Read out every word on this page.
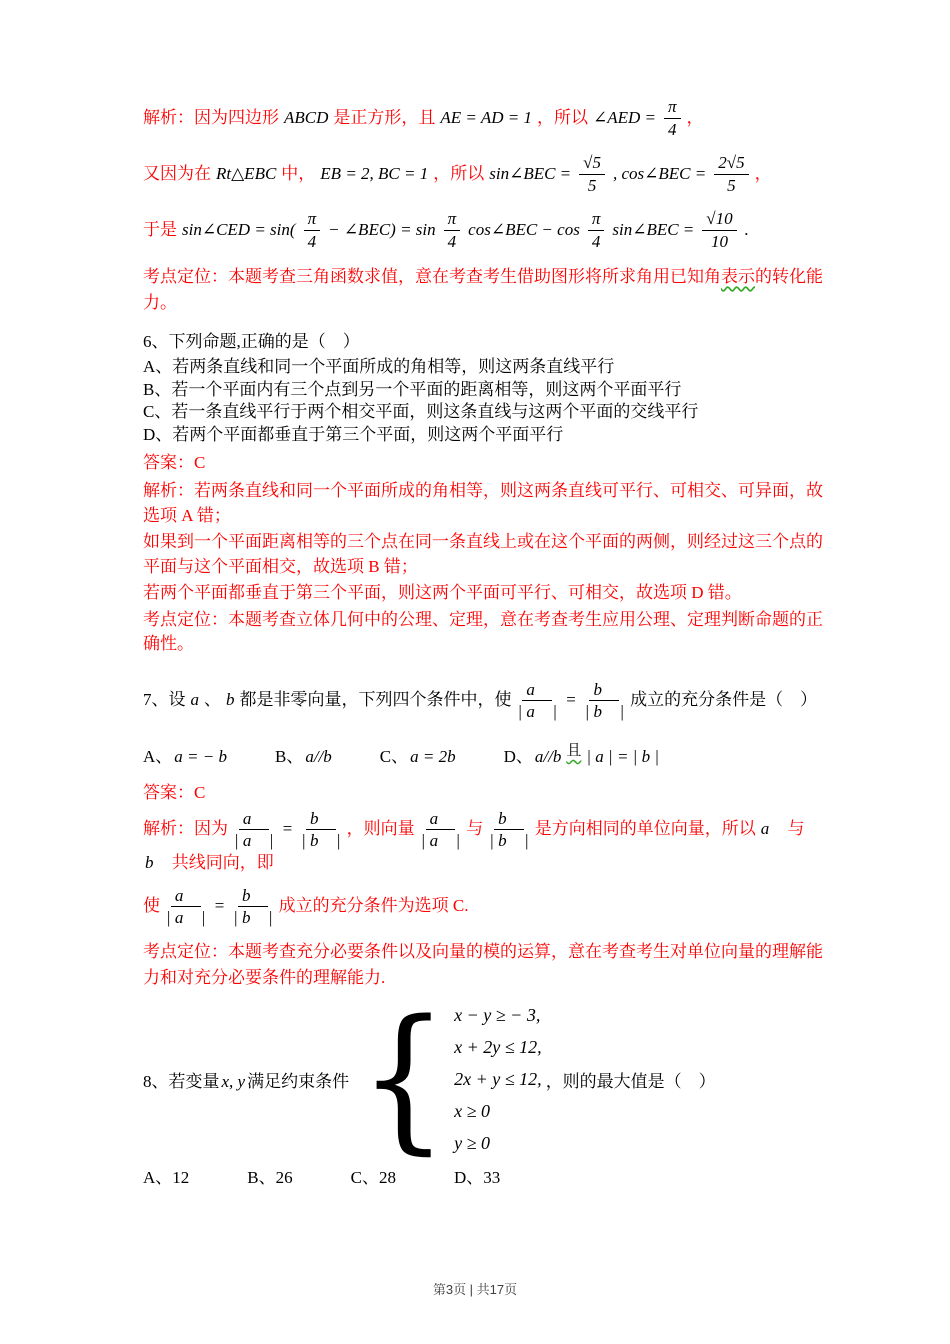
解析：因为四边形 ABCD 是正方形，且 AE = AD = 1 ，所以 ∠AED = $\frac{\pi}{4}$ ，

又因为在 Rt△EBC 中， EB = 2, BC = 1 ，所以 sin∠BEC = $\frac{√5}{5}$ , cos∠BEC = $\frac{2√5}{5}$ ，

于是 sin∠CED = $\sin( \frac{\pi}{4}$ − ∠BEC) = $\sin \frac{\pi}{4}$ cos∠BEC − $\cos \frac{\pi}{4}$ sin∠BEC = $\frac{√10}{10}$ .

考点定位：本题考查三角函数求值，意在考查考生借助图形将所求角用已知角表示的转化能力。

6、下列命题,正确的是（　）

A、若两条直线和同一个平面所成的角相等，则这两条直线平行

B、若一个平面内有三个点到另一个平面的距离相等，则这两个平面平行

C、若一条直线平行于两个相交平面，则这条直线与这两个平面的交线平行

D、若两个平面都垂直于第三个平面，则这两个平面平行

答案：C

解析：若两条直线和同一个平面所成的角相等，则这两条直线可平行、可相交、可异面，故选项 A 错；

如果到一个平面距离相等的三个点在同一条直线上或在这个平面的两侧，则经过这三个点的平面与这个平面相交，故选项 B 错；

若两个平面都垂直于第三个平面，则这两个平面可平行、可相交，故选项 D 错。

考点定位：本题考查立体几何中的公理、定理，意在考查考生应用公理、定理判断命题的正确性。

7、设 a 、 b 都是非零向量，下列四个条件中，使 $\frac{a⃗}{| a⃗ |} = \frac{b⃗}{| b⃗ |}$ 成立的充分条件是（　）

A、 a = − b	B、 a//b	C、 a = 2b	D、 a//b 且 | a | = | b |

答案：C

解析：因为 $\frac{a⃗}{| a⃗ |} = \frac{b⃗}{| b⃗ |}$ ，则向量 $\frac{a⃗}{| a⃗ |}$ 与 $\frac{b⃗}{| b⃗ |}$ 是方向相同的单位向量，所以 a⃗ 与
b⃗ 共线同向，即

使 $\frac{a⃗}{| a⃗ |} = \frac{b⃗}{| b⃗ |}$ 成立的充分条件为选项 C.

考点定位：本题考查充分必要条件以及向量的模的运算，意在考查考生对单位向量的理解能力和对充分必要条件的理解能力.

8、若变量 x, y 满足约束条件 { x − y ≥ − 3,
x + 2y ≤ 12,
2x + y ≤ 12,
x ≥ 0
y ≥ 0
，则的最大值是（　）
A、12	B、26	C、28	D、33
第3页 | 共17页
